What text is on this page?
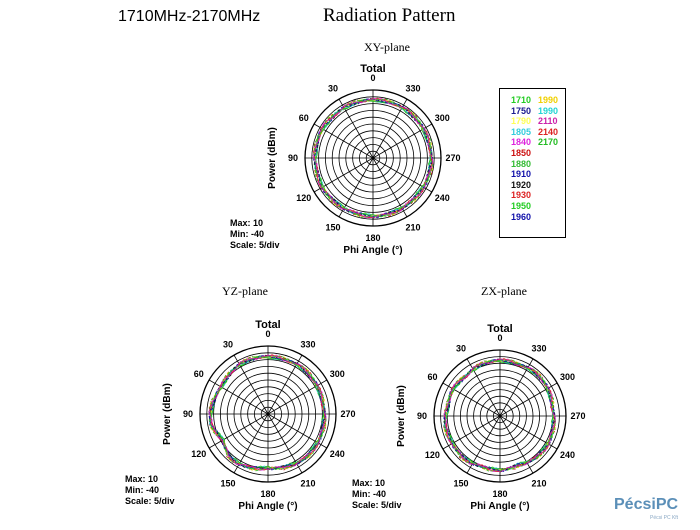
1710MHz-2170MHz	Radiation Pattern
XY-plane
YZ-plane	ZX-plane
Total
0
30
60
90
120
150
180
210
240
270
300
330
Power (dBm)
Phi Angle (°)
Total
0
30
60
90
120
150
180
210
240
270
300
330
Power (dBm)
Phi Angle (°)
Total
0
30
60
90
120
150
180
210
240
270
300
330
Power (dBm)
Phi Angle (°)
Max: 10
Min: -40
Scale: 5/div
Max: 10
Min: -40
Scale: 5/div
Max: 10
Min: -40
Scale: 5/div
1710 1990
1750 1990
1790 2110
1805 2140
1840 2170
1850
1880
1910
1920
1930
1950
1960
PécsiPC
Pécsi PC Kft
